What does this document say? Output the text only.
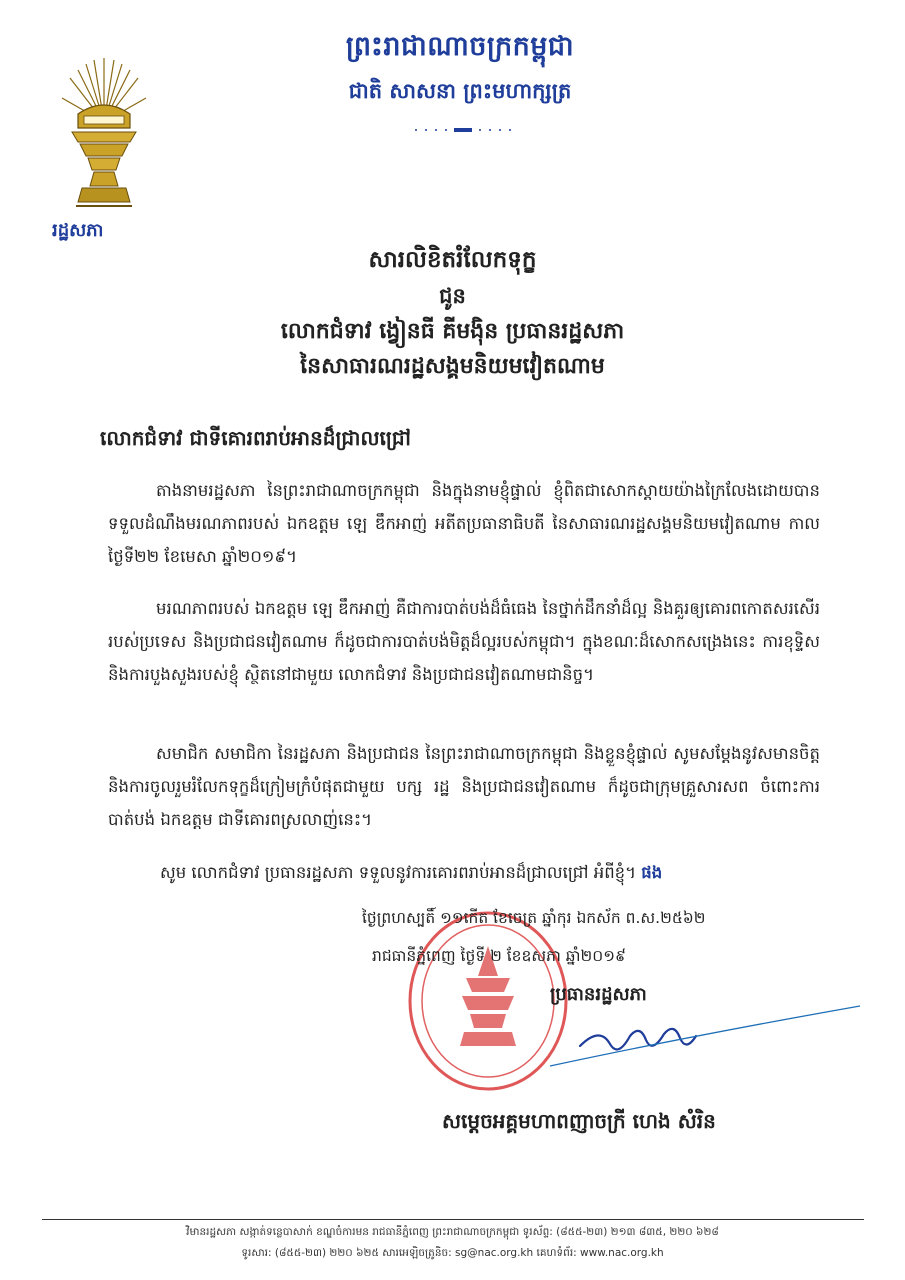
ព្រះរាជាណាចក្រកម្ពុជា
ជាតិ សាសនា ព្រះមហាក្សត្រ
រដ្ឋសភា
សារលិខិតរំលែកទុក្ខ
ជូន
លោកជំទាវ ង្វៀនធី គីមង៉ិន ប្រធានរដ្ឋសភា
នៃសាធារណរដ្ឋសង្គមនិយមវៀតណាម
លោកជំទាវ ជាទីគោរពរាប់អានដ៏ជ្រាលជ្រៅ
តាងនាមរដ្ឋសភា នៃព្រះរាជាណាចក្រកម្ពុជា និងក្នុងនាមខ្ញុំផ្ទាល់ ខ្ញុំពិតជាសោកស្តាយយ៉ាងក្រៃលែងដោយបានទទួលដំណឹងមរណភាពរបស់ ឯកឧត្តម ឡេ ឌឹកអាញ់ អតីតប្រធានាធិបតី នៃសាធារណរដ្ឋសង្គមនិយមវៀតណាម កាលថ្ងៃទី២២ ខែមេសា ឆ្នាំ២០១៩។
មរណភាពរបស់ ឯកឧត្តម ឡេ ឌឹកអាញ់ គឺជាការបាត់បង់ដ៏ធំធេង នៃថ្នាក់ដឹកនាំដ៏ល្អ និងគួរឲ្យគោរពកោតសរសើររបស់ប្រទេស និងប្រជាជនវៀតណាម ក៏ដូចជាការបាត់បង់មិត្តដ៏ល្អរបស់កម្ពុជា។ ក្នុងខណៈដ៏សោកសង្រេងនេះ ការខុទ្ទិស និងការបួងសួងរបស់ខ្ញុំ ស្ថិតនៅជាមួយ លោកជំទាវ និងប្រជាជនវៀតណាមជានិច្ច។
សមាជិក សមាជិកា នៃរដ្ឋសភា និងប្រជាជន នៃព្រះរាជាណាចក្រកម្ពុជា និងខ្លួនខ្ញុំផ្ទាល់ សូមសម្តែងនូវសមានចិត្ត និងការចូលរួមរំលែកទុក្ខដ៏ក្រៀមក្រំបំផុតជាមួយ បក្ស រដ្ឋ និងប្រជាជនវៀតណាម ក៏ដូចជាក្រុមគ្រួសារសព ចំពោះការបាត់បង់ ឯកឧត្តម ជាទីគោរពស្រលាញ់នេះ។
សូម លោកជំទាវ ប្រធានរដ្ឋសភា ទទួលនូវការគោរពរាប់អានដ៏ជ្រាលជ្រៅ អំពីខ្ញុំ។ ផង
ថ្ងៃព្រហស្បតិ៍ ១១កើត ខែចេត្រ ឆ្នាំកុរ ឯកស័ក ព.ស.២៥៦២
រាជធានីភ្នំពេញ ថ្ងៃទី ២ ខែឧសភា ឆ្នាំ២០១៩
ប្រធានរដ្ឋសភា
សម្តេចអគ្គមហាពញាចក្រី ហេង សំរិន
វិមានរដ្ឋសភា សង្កាត់ទន្លេបាសាក់ ខណ្ឌចំការមន រាជធានីភ្នំពេញ ព្រះរាជាណាចក្រកម្ពុជា ទូរស័ព្ទ: (៨៥៥-២៣) ២១៣ ៨៣៥, ២២០ ៦២៨
ទូរសារ: (៨៥៥-២៣) ២២០ ៦២៥ សារអេឡិចត្រូនិច: sg@nac.org.kh គេហទំព័រ: www.nac.org.kh
